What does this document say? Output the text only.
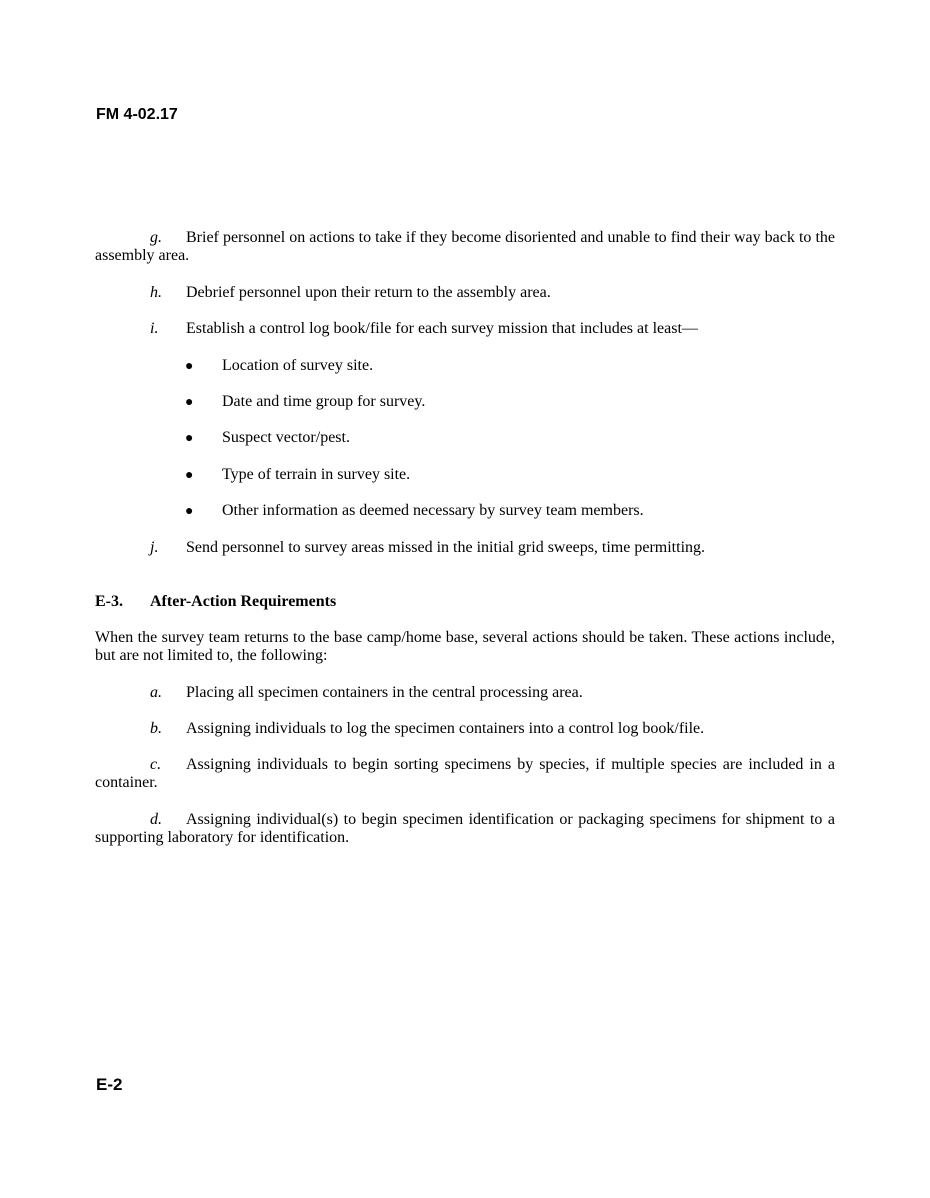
FM 4-02.17
g. Brief personnel on actions to take if they become disoriented and unable to find their way back to the assembly area.
h. Debrief personnel upon their return to the assembly area.
i. Establish a control log book/file for each survey mission that includes at least—
● Location of survey site.
● Date and time group for survey.
● Suspect vector/pest.
● Type of terrain in survey site.
● Other information as deemed necessary by survey team members.
j. Send personnel to survey areas missed in the initial grid sweeps, time permitting.
E-3. After-Action Requirements
When the survey team returns to the base camp/home base, several actions should be taken. These actions include, but are not limited to, the following:
a. Placing all specimen containers in the central processing area.
b. Assigning individuals to log the specimen containers into a control log book/file.
c. Assigning individuals to begin sorting specimens by species, if multiple species are included in a container.
d. Assigning individual(s) to begin specimen identification or packaging specimens for shipment to a supporting laboratory for identification.
E-2
